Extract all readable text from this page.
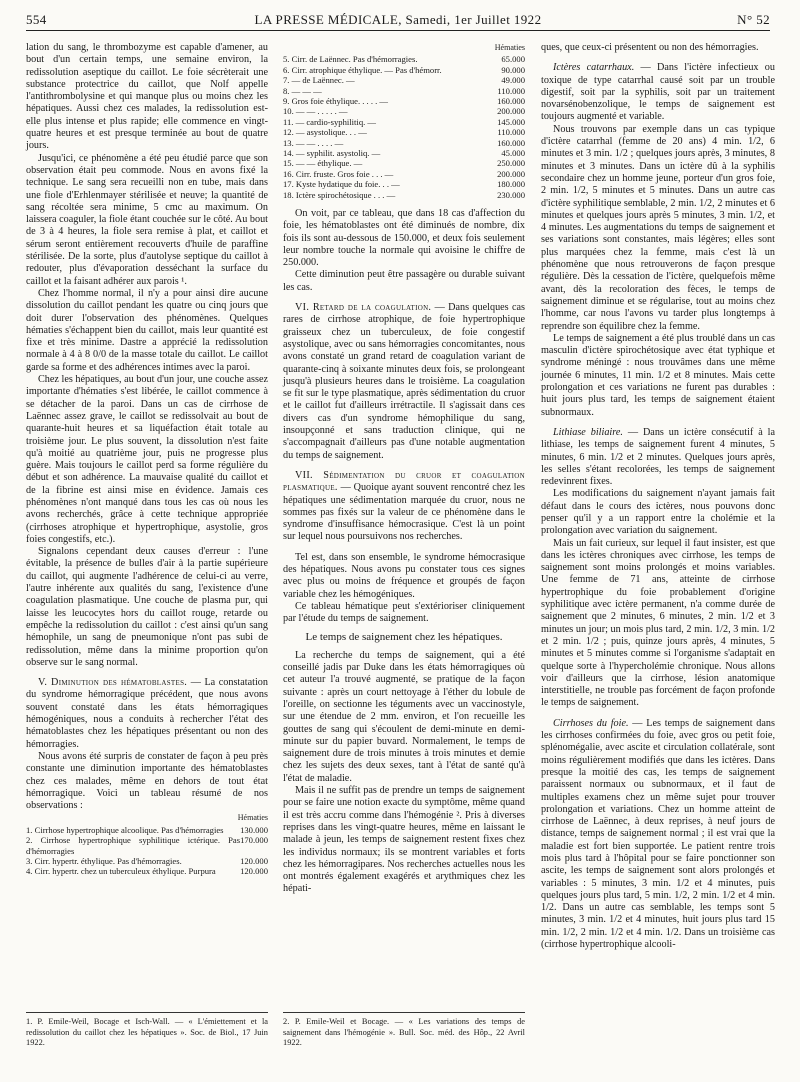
554	LA PRESSE MÉDICALE, Samedi, 1er Juillet 1922	N° 52

lation du sang, le thrombozyme est capable d'amener, au bout d'un certain temps, une semaine environ, la redissolution aseptique du caillot. Le foie sécrèterait une substance protectrice du caillot, que Nolf appelle l'antithrombolysine et qui manque plus ou moins chez les hépatiques. Aussi chez ces malades, la redissolution est-elle plus intense et plus rapide; elle commence en vingt-quatre heures et est presque terminée au bout de quatre jours.

Jusqu'ici, ce phénomène a été peu étudié parce que son observation était peu commode. Nous en avons fixé la technique. Le sang sera recueilli non en tube, mais dans une fiole d'Erhlenmayer stérilisée et neuve; la quantité de sang récoltée sera minime, 5 cmc au maximum. On laissera coaguler, la fiole étant couchée sur le côté. Au bout de 3 à 4 heures, la fiole sera remise à plat, et caillot et sérum seront entièrement recouverts d'huile de paraffine stérilisée. De la sorte, plus d'autolyse septique du caillot à redouter, plus d'évaporation desséchant la surface du caillot et la faisant adhérer aux parois ¹.

Chez l'homme normal, il n'y a pour ainsi dire aucune dissolution du caillot pendant les quatre ou cinq jours que doit durer l'observation des phénomènes. Quelques hématies s'échappent bien du caillot, mais leur quantité est fixe et très minime. Dastre a apprécié la redissolution normale à 4 à 8 0/0 de la masse totale du caillot. Le caillot garde sa forme et des adhérences intimes avec la paroi.

Chez les hépatiques, au bout d'un jour, une couche assez importante d'hématies s'est libérée, le caillot commence à se détacher de la paroi. Dans un cas de cirrhose de Laënnec assez grave, le caillot se redissolvait au bout de quarante-huit heures et sa liquéfaction était totale au troisième jour. Le plus souvent, la dissolution n'est faite qu'à moitié au quatrième jour, puis ne progresse plus guère. Mais toujours le caillot perd sa forme régulière du début et son adhérence. La mauvaise qualité du caillot et de la fibrine est ainsi mise en évidence. Jamais ces phénomènes n'ont manqué dans tous les cas où nous les avons recherchés, grâce à cette technique appropriée (cirrhoses atrophique et hypertrophique, asystolie, gros foies congestifs, etc.).

Signalons cependant deux causes d'erreur : l'une évitable, la présence de bulles d'air à la partie supérieure du caillot, qui augmente l'adhérence de celui-ci au verre, l'autre inhérente aux qualités du sang, l'existence d'une coagulation plasmatique. Une couche de plasma pur, qui laisse les leucocytes hors du caillot rouge, retarde ou empêche la redissolution du caillot : c'est ainsi qu'un sang hémophile, un sang de pneumonique n'ont pas subi de redissolution, même dans la minime proportion qu'on observe sur le sang normal.

V. Diminution des hématoblastes. — La constatation du syndrome hémorragique précédent, que nous avons souvent constaté dans les états hémorragiques hémogéniques, nous a conduits à rechercher l'état des hématoblastes chez les hépatiques présentant ou non des hémorragies.

Nous avons été surpris de constater de façon à peu près constante une diminution importante des hématoblastes chez ces malades, même en dehors de tout état hémorragique. Voici un tableau résumé de nos observations :

Hématies
1. Cirrhose hypertrophique alcoolique. Pas d'hémorragies	130.000
2. Cirrhose hypertrophique syphilitique ictérique. Pas d'hémorragies	170.000
3. Cirr. hypertr. éthylique. Pas d'hémorragies.	120.000
4. Cirr. hypertr. chez un tuberculeux éthylique. Purpura	120.000
1. P. Emile-Weil, Bocage et Isch-Wall. — « L'émiettement et la redissolution du caillot chez les hépatiques ». Soc. de Biol., 17 Juin 1922.
Hématies
5. Cirr. de Laënnec. Pas d'hémorragies.	65.000
6. Cirr. atrophique éthylique. — Pas d'hémorr.	90.000
7. — de Laënnec. —	49.000
8. — — —	110.000
9. Gros foie éthylique. . . . . —	160.000
10. — — . . . . . —	200.000
11. — cardio-syphilitiq. —	145.000
12. — asystolique. . . —	110.000
13. — — . . . . —	160.000
14. — syphilit. asystoliq. —	45.000
15. — — éthylique. —	250.000
16. Cirr. fruste. Gros foie . . . —	200.000
17. Kyste hydatique du foie. . . —	180.000
18. Ictère spirochétosique . . . —	230.000

On voit, par ce tableau, que dans 18 cas d'affection du foie, les hématoblastes ont été diminués de nombre, dix fois ils sont au-dessous de 150.000, et deux fois seulement leur nombre touche la normale qui avoisine le chiffre de 250.000.

Cette diminution peut être passagère ou durable suivant les cas.

VI. Retard de la coagulation. — Dans quelques cas rares de cirrhose atrophique, de foie hypertrophique graisseux chez un tuberculeux, de foie congestif asystolique, avec ou sans hémorragies concomitantes, nous avons constaté un grand retard de coagulation variant de quarante-cinq à soixante minutes deux fois, se prolongeant jusqu'à plusieurs heures dans le troisième. La coagulation se fit sur le type plasmatique, après sédimentation du cruor et le caillot fut d'ailleurs irrétractile. Il s'agissait dans ces divers cas d'un syndrome hémophilique du sang, insoupçonné et sans traduction clinique, qui ne s'accompagnait d'ailleurs pas d'une notable augmentation du temps de saignement.

VII. Sédimentation du cruor et coagulation plasmatique. — Quoique ayant souvent rencontré chez les hépatiques une sédimentation marquée du cruor, nous ne sommes pas fixés sur la valeur de ce phénomène dans le syndrome d'insuffisance hémocrasique. C'est là un point sur lequel nous poursuivons nos recherches.

Tel est, dans son ensemble, le syndrome hémocrasique des hépatiques. Nous avons pu constater tous ces signes avec plus ou moins de fréquence et groupés de façon variable chez les hémogéniques.

Ce tableau hématique peut s'extérioriser cliniquement par l'étude du temps de saignement.

Le temps de saignement chez les hépatiques.

La recherche du temps de saignement, qui a été conseillé jadis par Duke dans les états hémorragiques où cet auteur l'a trouvé augmenté, se pratique de la façon suivante : après un court nettoyage à l'éther du lobule de l'oreille, on sectionne les téguments avec un vaccinostyle, sur une étendue de 2 mm. environ, et l'on recueille les gouttes de sang qui s'écoulent de demi-minute en demi-minute sur du papier buvard. Normalement, le temps de saignement dure de trois minutes à trois minutes et demie chez les sujets des deux sexes, tant à l'état de santé qu'à l'état de maladie.

Mais il ne suffit pas de prendre un temps de saignement pour se faire une notion exacte du symptôme, même quand il est très accru comme dans l'hémogénie ². Pris à diverses reprises dans les vingt-quatre heures, même en laissant le malade à jeun, les temps de saignement restent fixes chez les individus normaux; ils se montrent variables et forts chez les hémorragipares. Nos recherches actuelles nous les ont montrés également exagérés et arythmiques chez les hépati-

2. P. Emile-Weil et Bocage. — « Les variations des temps de saignement dans l'hémogénie ». Bull. Soc. méd. des Hôp., 22 Avril 1922.

ques, que ceux-ci présentent ou non des hémorragies.

Ictères catarrhaux. — Dans l'ictère infectieux ou toxique de type catarrhal causé soit par un trouble digestif, soit par la syphilis, soit par un traitement novarsénobenzolique, le temps de saignement est toujours augmenté et variable.

Nous trouvons par exemple dans un cas typique d'ictère catarrhal (femme de 20 ans) 4 min. 1/2, 6 minutes et 3 min. 1/2 ; quelques jours après, 3 minutes, 8 minutes et 3 minutes. Dans un ictère dû à la syphilis secondaire chez un homme jeune, porteur d'un gros foie, 2 min. 1/2, 5 minutes et 5 minutes. Dans un autre cas d'ictère syphilitique semblable, 2 min. 1/2, 2 minutes et 6 minutes et quelques jours après 5 minutes, 3 min. 1/2, et 4 minutes. Les augmentations du temps de saignement et ses variations sont constantes, mais légères; elles sont plus marquées chez la femme, mais c'est là un phénomène que nous retrouverons de façon presque régulière. Dès la cessation de l'ictère, quelquefois même avant, dès la recoloration des fèces, le temps de saignement diminue et se régularise, tout au moins chez l'homme, car nous l'avons vu tarder plus longtemps à reprendre son équilibre chez la femme.

Le temps de saignement a été plus troublé dans un cas masculin d'ictère spirochétosique avec état typhique et syndrome méningé : nous trouvâmes dans une même journée 6 minutes, 11 min. 1/2 et 8 minutes. Mais cette prolongation et ces variations ne furent pas durables : huit jours plus tard, les temps de saignement étaient subnormaux.

Lithiase biliaire. — Dans un ictère consécutif à la lithiase, les temps de saignement furent 4 minutes, 5 minutes, 6 min. 1/2 et 2 minutes. Quelques jours après, les selles s'étant recolorées, les temps de saignement redevinrent fixes.

Les modifications du saignement n'ayant jamais fait défaut dans le cours des ictères, nous pouvons donc penser qu'il y a un rapport entre la cholémie et la prolongation avec variation du saignement.

Mais un fait curieux, sur lequel il faut insister, est que dans les ictères chroniques avec cirrhose, les temps de saignement sont moins prolongés et moins variables. Une femme de 71 ans, atteinte de cirrhose hypertrophique du foie probablement d'origine syphilitique avec ictère permanent, n'a comme durée de saignement que 2 minutes, 6 minutes, 2 min. 1/2 et 3 minutes un jour; un mois plus tard, 2 min. 1/2, 3 min. 1/2 et 2 min. 1/2 ; puis, quinze jours après, 4 minutes, 5 minutes et 5 minutes comme si l'organisme s'adaptait en quelque sorte à l'hypercholémie chronique. Nous allons voir d'ailleurs que la cirrhose, lésion anatomique interstitielle, ne trouble pas forcément de façon profonde le temps de saignement.

Cirrhoses du foie. — Les temps de saignement dans les cirrhoses confirmées du foie, avec gros ou petit foie, splénomégalie, avec ascite et circulation collatérale, sont moins régulièrement modifiés que dans les ictères. Dans presque la moitié des cas, les temps de saignement paraissent normaux ou subnormaux, et il faut de multiples examens chez un même sujet pour trouver prolongation et variations. Chez un homme atteint de cirrhose de Laënnec, à deux reprises, à neuf jours de distance, temps de saignement normal ; il est vrai que la maladie est fort bien supportée. Le patient rentre trois mois plus tard à l'hôpital pour se faire ponctionner son ascite, les temps de saignement sont alors prolongés et variables : 5 minutes, 3 min. 1/2 et 4 minutes, puis quelques jours plus tard, 5 min. 1/2, 2 min. 1/2 et 4 min. 1/2. Dans un autre cas semblable, les temps sont 5 minutes, 3 min. 1/2 et 4 minutes, huit jours plus tard 15 min. 1/2, 2 min. 1/2 et 4 min. 1/2. Dans un troisième cas (cirrhose hypertrophique alcooli-
